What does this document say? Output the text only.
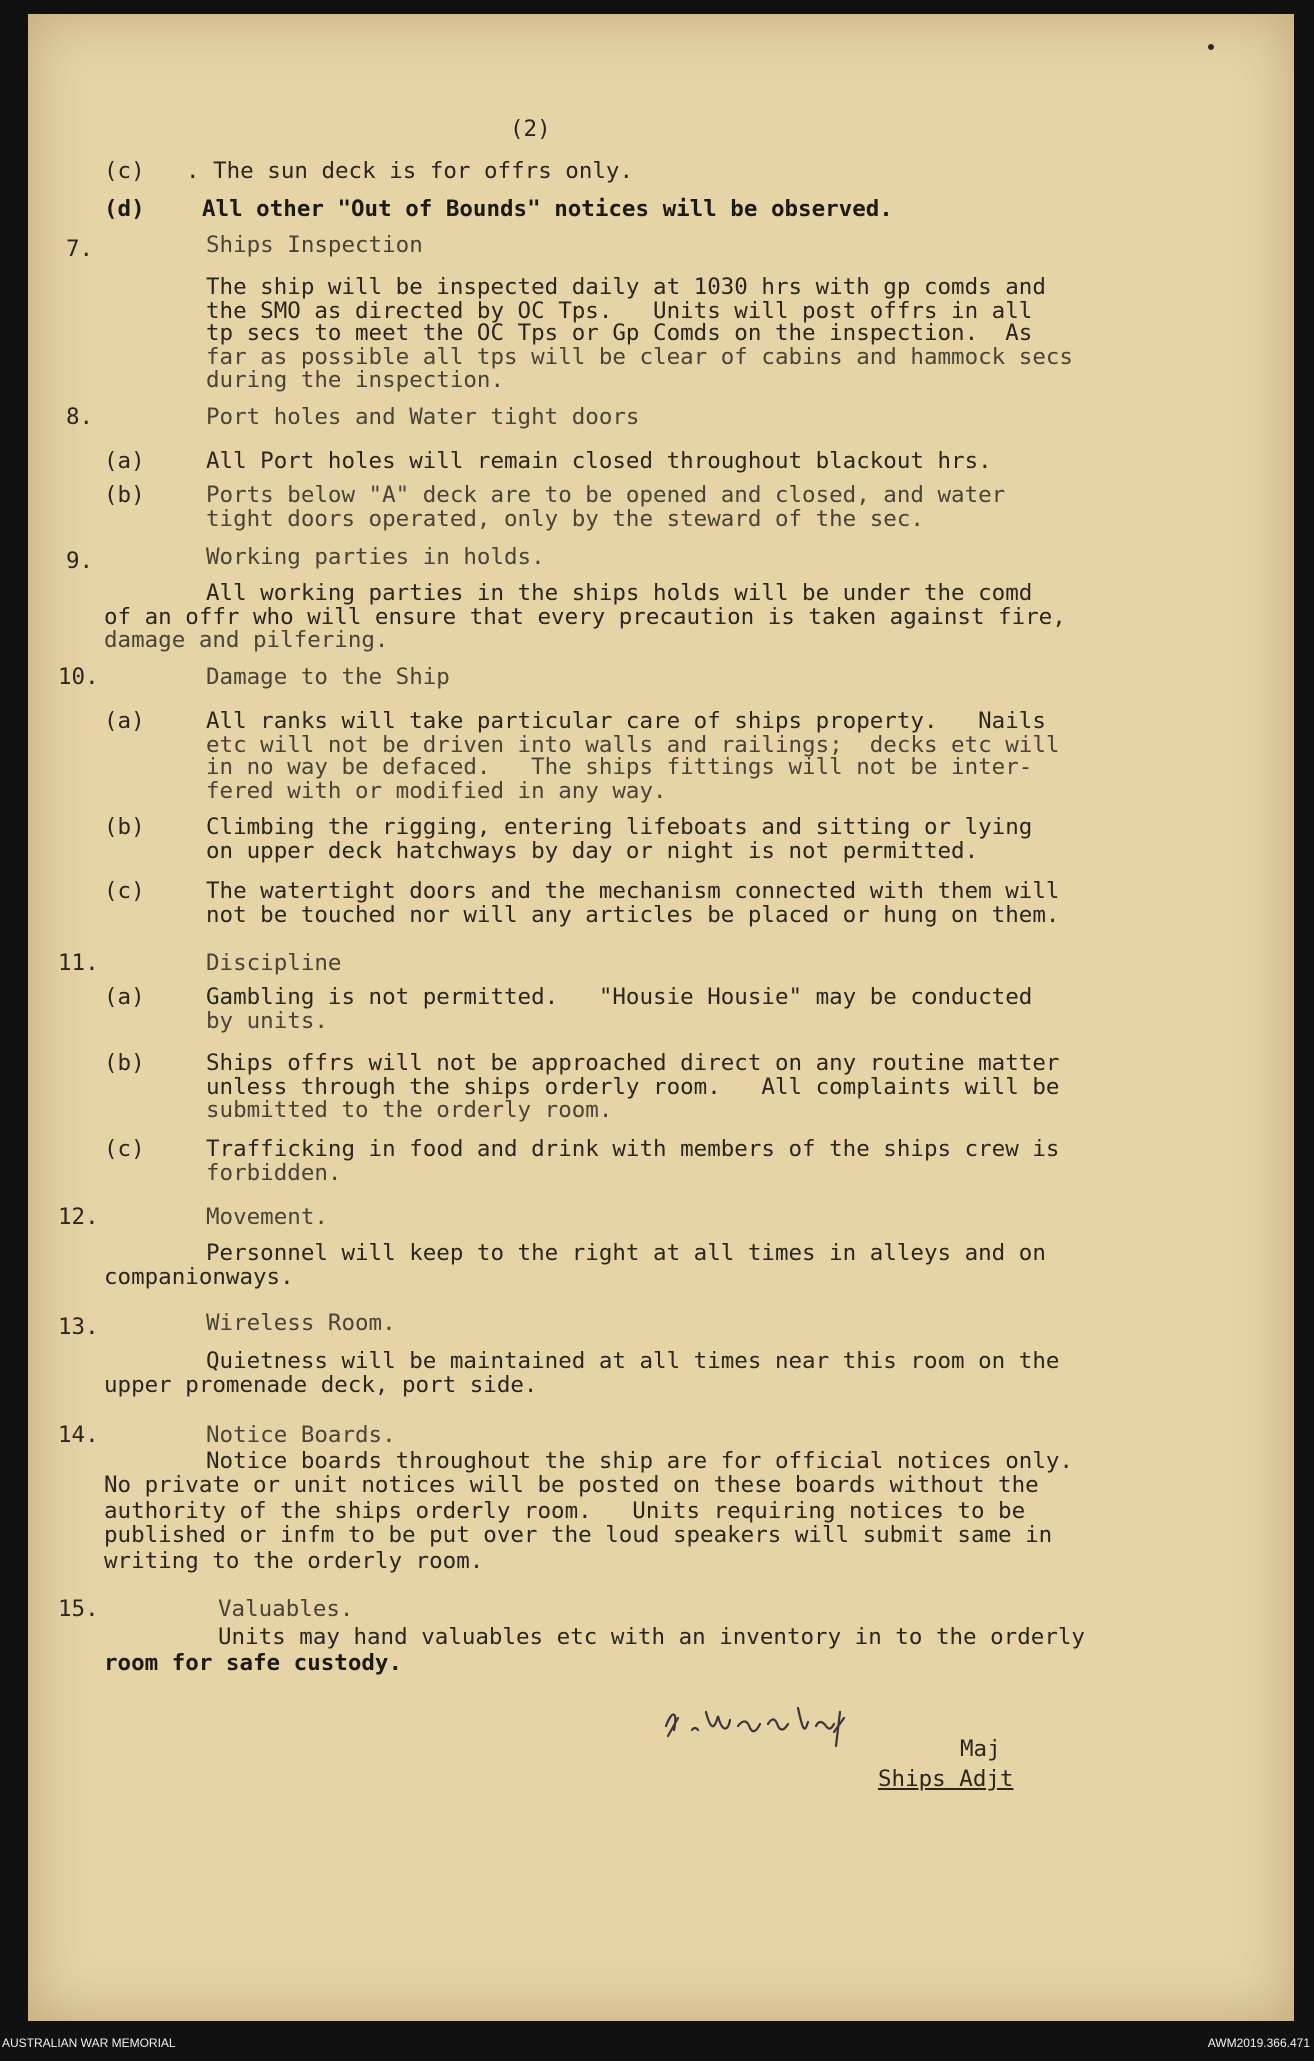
(2)
(c) . The sun deck is for offrs only.
(d)	All other "Out of Bounds" notices will be observed.
7.	Ships Inspection
The ship will be inspected daily at 1030 hrs with gp comds and
the SMO as directed by OC Tps.   Units will post offrs in all
tp secs to meet the OC Tps or Gp Comds on the inspection.  As
far as possible all tps will be clear of cabins and hammock secs
during the inspection.
8.	Port holes and Water tight doors
(a)	All Port holes will remain closed throughout blackout hrs.
(b)	Ports below "A" deck are to be opened and closed, and water
tight doors operated, only by the steward of the sec.
9.	Working parties in holds.
All working parties in the ships holds will be under the comd
of an offr who will ensure that every precaution is taken against fire,
damage and pilfering.
10.	Damage to the Ship
(a)	All ranks will take particular care of ships property.   Nails
etc will not be driven into walls and railings;  decks etc will
in no way be defaced.   The ships fittings will not be inter-
fered with or modified in any way.
(b)	Climbing the rigging, entering lifeboats and sitting or lying
on upper deck hatchways by day or night is not permitted.
(c)	The watertight doors and the mechanism connected with them will
not be touched nor will any articles be placed or hung on them.
11.	Discipline
(a)	Gambling is not permitted.   "Housie Housie" may be conducted
by units.
(b)	Ships offrs will not be approached direct on any routine matter
unless through the ships orderly room.   All complaints will be
submitted to the orderly room.
(c)	Trafficking in food and drink with members of the ships crew is
forbidden.
12.	Movement.
Personnel will keep to the right at all times in alleys and on
companionways.
13.	Wireless Room.
Quietness will be maintained at all times near this room on the
upper promenade deck, port side.
14.	Notice Boards.
Notice boards throughout the ship are for official notices only.
No private or unit notices will be posted on these boards without the
authority of the ships orderly room.   Units requiring notices to be
published or infm to be put over the loud speakers will submit same in
writing to the orderly room.
15.	Valuables.
Units may hand valuables etc with an inventory in to the orderly
room for safe custody.
Maj
Ships Adjt
AUSTRALIAN WAR MEMORIAL	AWM2019.366.471
